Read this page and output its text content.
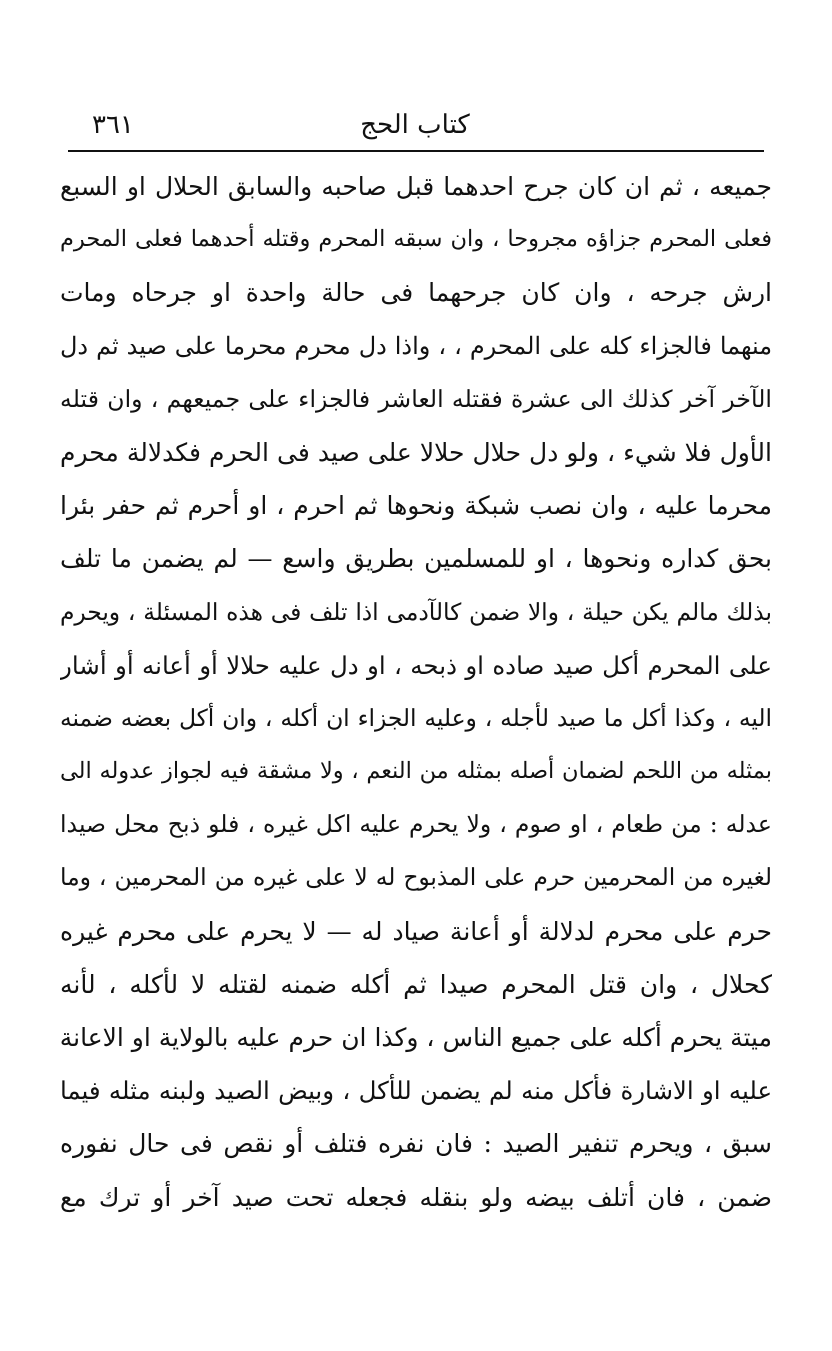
كتاب الحج
٣٦١
جميعه ، ثم ان كان جرح احدهما قبل صاحبه والسابق الحلال او السبع
فعلى المحرم جزاؤه مجروحا ، وان سبقه المحرم وقتله أحدهما فعلى المحرم
ارش جرحه ، وان كان جرحهما فى حالة واحدة او جرحاه ومات
منهما فالجزاء كله على المحرم ، ، واذا دل محرم محرما على صيد ثم دل
الآخر آخر كذلك الى عشرة فقتله العاشر فالجزاء على جميعهم ، وان قتله
الأول فلا شيء ، ولو دل حلال حلالا على صيد فى الحرم فكدلالة محرم
محرما عليه ، وان نصب شبكة ونحوها ثم احرم ، او أحرم ثم حفر بئرا
بحق كداره ونحوها ، او للمسلمين بطريق واسع — لم يضمن ما تلف
بذلك مالم يكن حيلة ، والا ضمن كالآدمى اذا تلف فى هذه المسئلة ، ويحرم
على المحرم أكل صيد صاده او ذبحه ، او دل عليه حلالا أو أعانه أو أشار
اليه ، وكذا أكل ما صيد لأجله ، وعليه الجزاء ان أكله ، وان أكل بعضه ضمنه
بمثله من اللحم لضمان أصله بمثله من النعم ، ولا مشقة فيه لجواز عدوله الى
عدله : من طعام ، او صوم ، ولا يحرم عليه اكل غيره ، فلو ذبح محل صيدا
لغيره من المحرمين حرم على المذبوح له لا على غيره من المحرمين ، وما
حرم على محرم لدلالة أو أعانة صياد له — لا يحرم على محرم غيره
كحلال ، وان قتل المحرم صيدا ثم أكله ضمنه لقتله لا لأكله ، لأنه
ميتة يحرم أكله على جميع الناس ، وكذا ان حرم عليه بالولاية او الاعانة
عليه او الاشارة فأكل منه لم يضمن للأكل ، وبيض الصيد ولبنه مثله فيما
سبق ، ويحرم تنفير الصيد : فان نفره فتلف أو نقص فى حال نفوره
ضمن ، فان أتلف بيضه ولو بنقله فجعله تحت صيد آخر أو ترك مع
